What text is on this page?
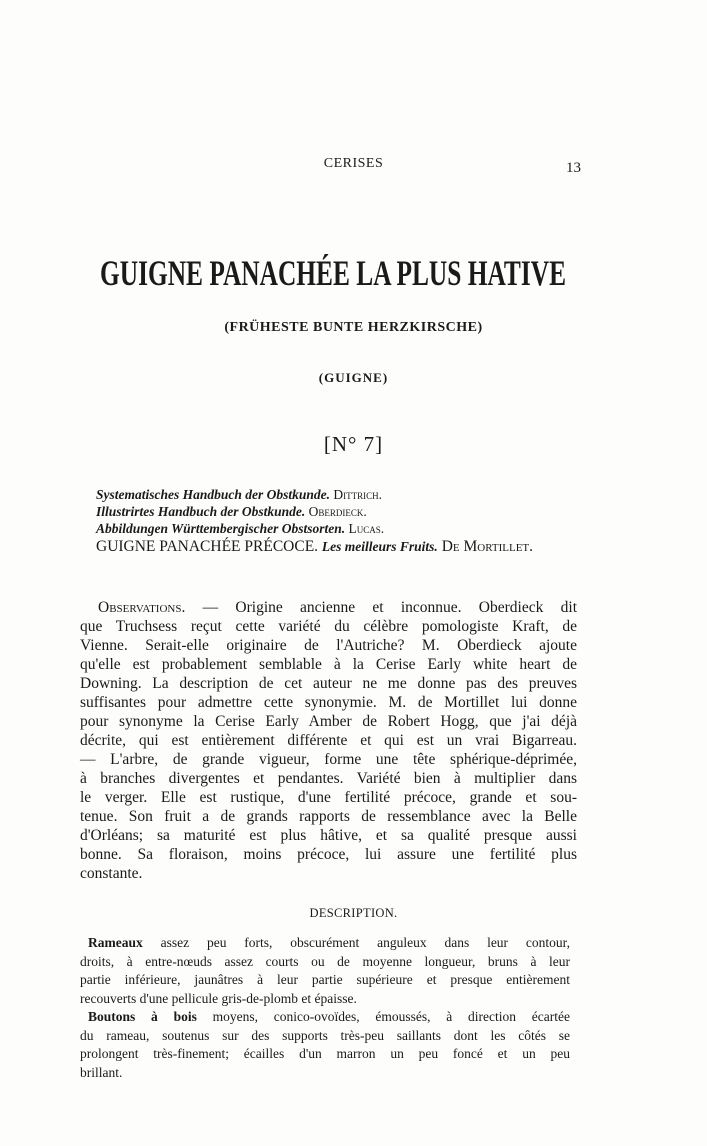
CERISES	13
GUIGNE PANACHÉE LA PLUS HATIVE
(FRÜHESTE BUNTE HERZKIRSCHE)
(GUIGNE)
[N° 7]
Systematisches Handbuch der Obstkunde. Dittrich.
Illustrirtes Handbuch der Obstkunde. Oberdieck.
Abbildungen Württembergischer Obstsorten. Lucas.
GUIGNE PANACHÉE PRÉCOCE. Les meilleurs Fruits. De Mortillet.
Observations. — Origine ancienne et inconnue. Oberdieck dit
que Truchsess reçut cette variété du célèbre pomologiste Kraft, de
Vienne. Serait-elle originaire de l'Autriche? M. Oberdieck ajoute
qu'elle est probablement semblable à la Cerise Early white heart de
Downing. La description de cet auteur ne me donne pas des preuves
suffisantes pour admettre cette synonymie. M. de Mortillet lui donne
pour synonyme la Cerise Early Amber de Robert Hogg, que j'ai déjà
décrite, qui est entièrement différente et qui est un vrai Bigarreau.
— L'arbre, de grande vigueur, forme une tête sphérique-déprimée,
à branches divergentes et pendantes. Variété bien à multiplier dans
le verger. Elle est rustique, d'une fertilité précoce, grande et sou-
tenue. Son fruit a de grands rapports de ressemblance avec la Belle
d'Orléans; sa maturité est plus hâtive, et sa qualité presque aussi
bonne. Sa floraison, moins précoce, lui assure une fertilité plus
constante.
DESCRIPTION.
Rameaux assez peu forts, obscurément anguleux dans leur contour,
droits, à entre-nœuds assez courts ou de moyenne longueur, bruns à leur
partie inférieure, jaunâtres à leur partie supérieure et presque entièrement
recouverts d'une pellicule gris-de-plomb et épaisse.
Boutons à bois moyens, conico-ovoïdes, émoussés, à direction écartée
du rameau, soutenus sur des supports très-peu saillants dont les côtés se
prolongent très-finement; écailles d'un marron un peu foncé et un peu
brillant.
